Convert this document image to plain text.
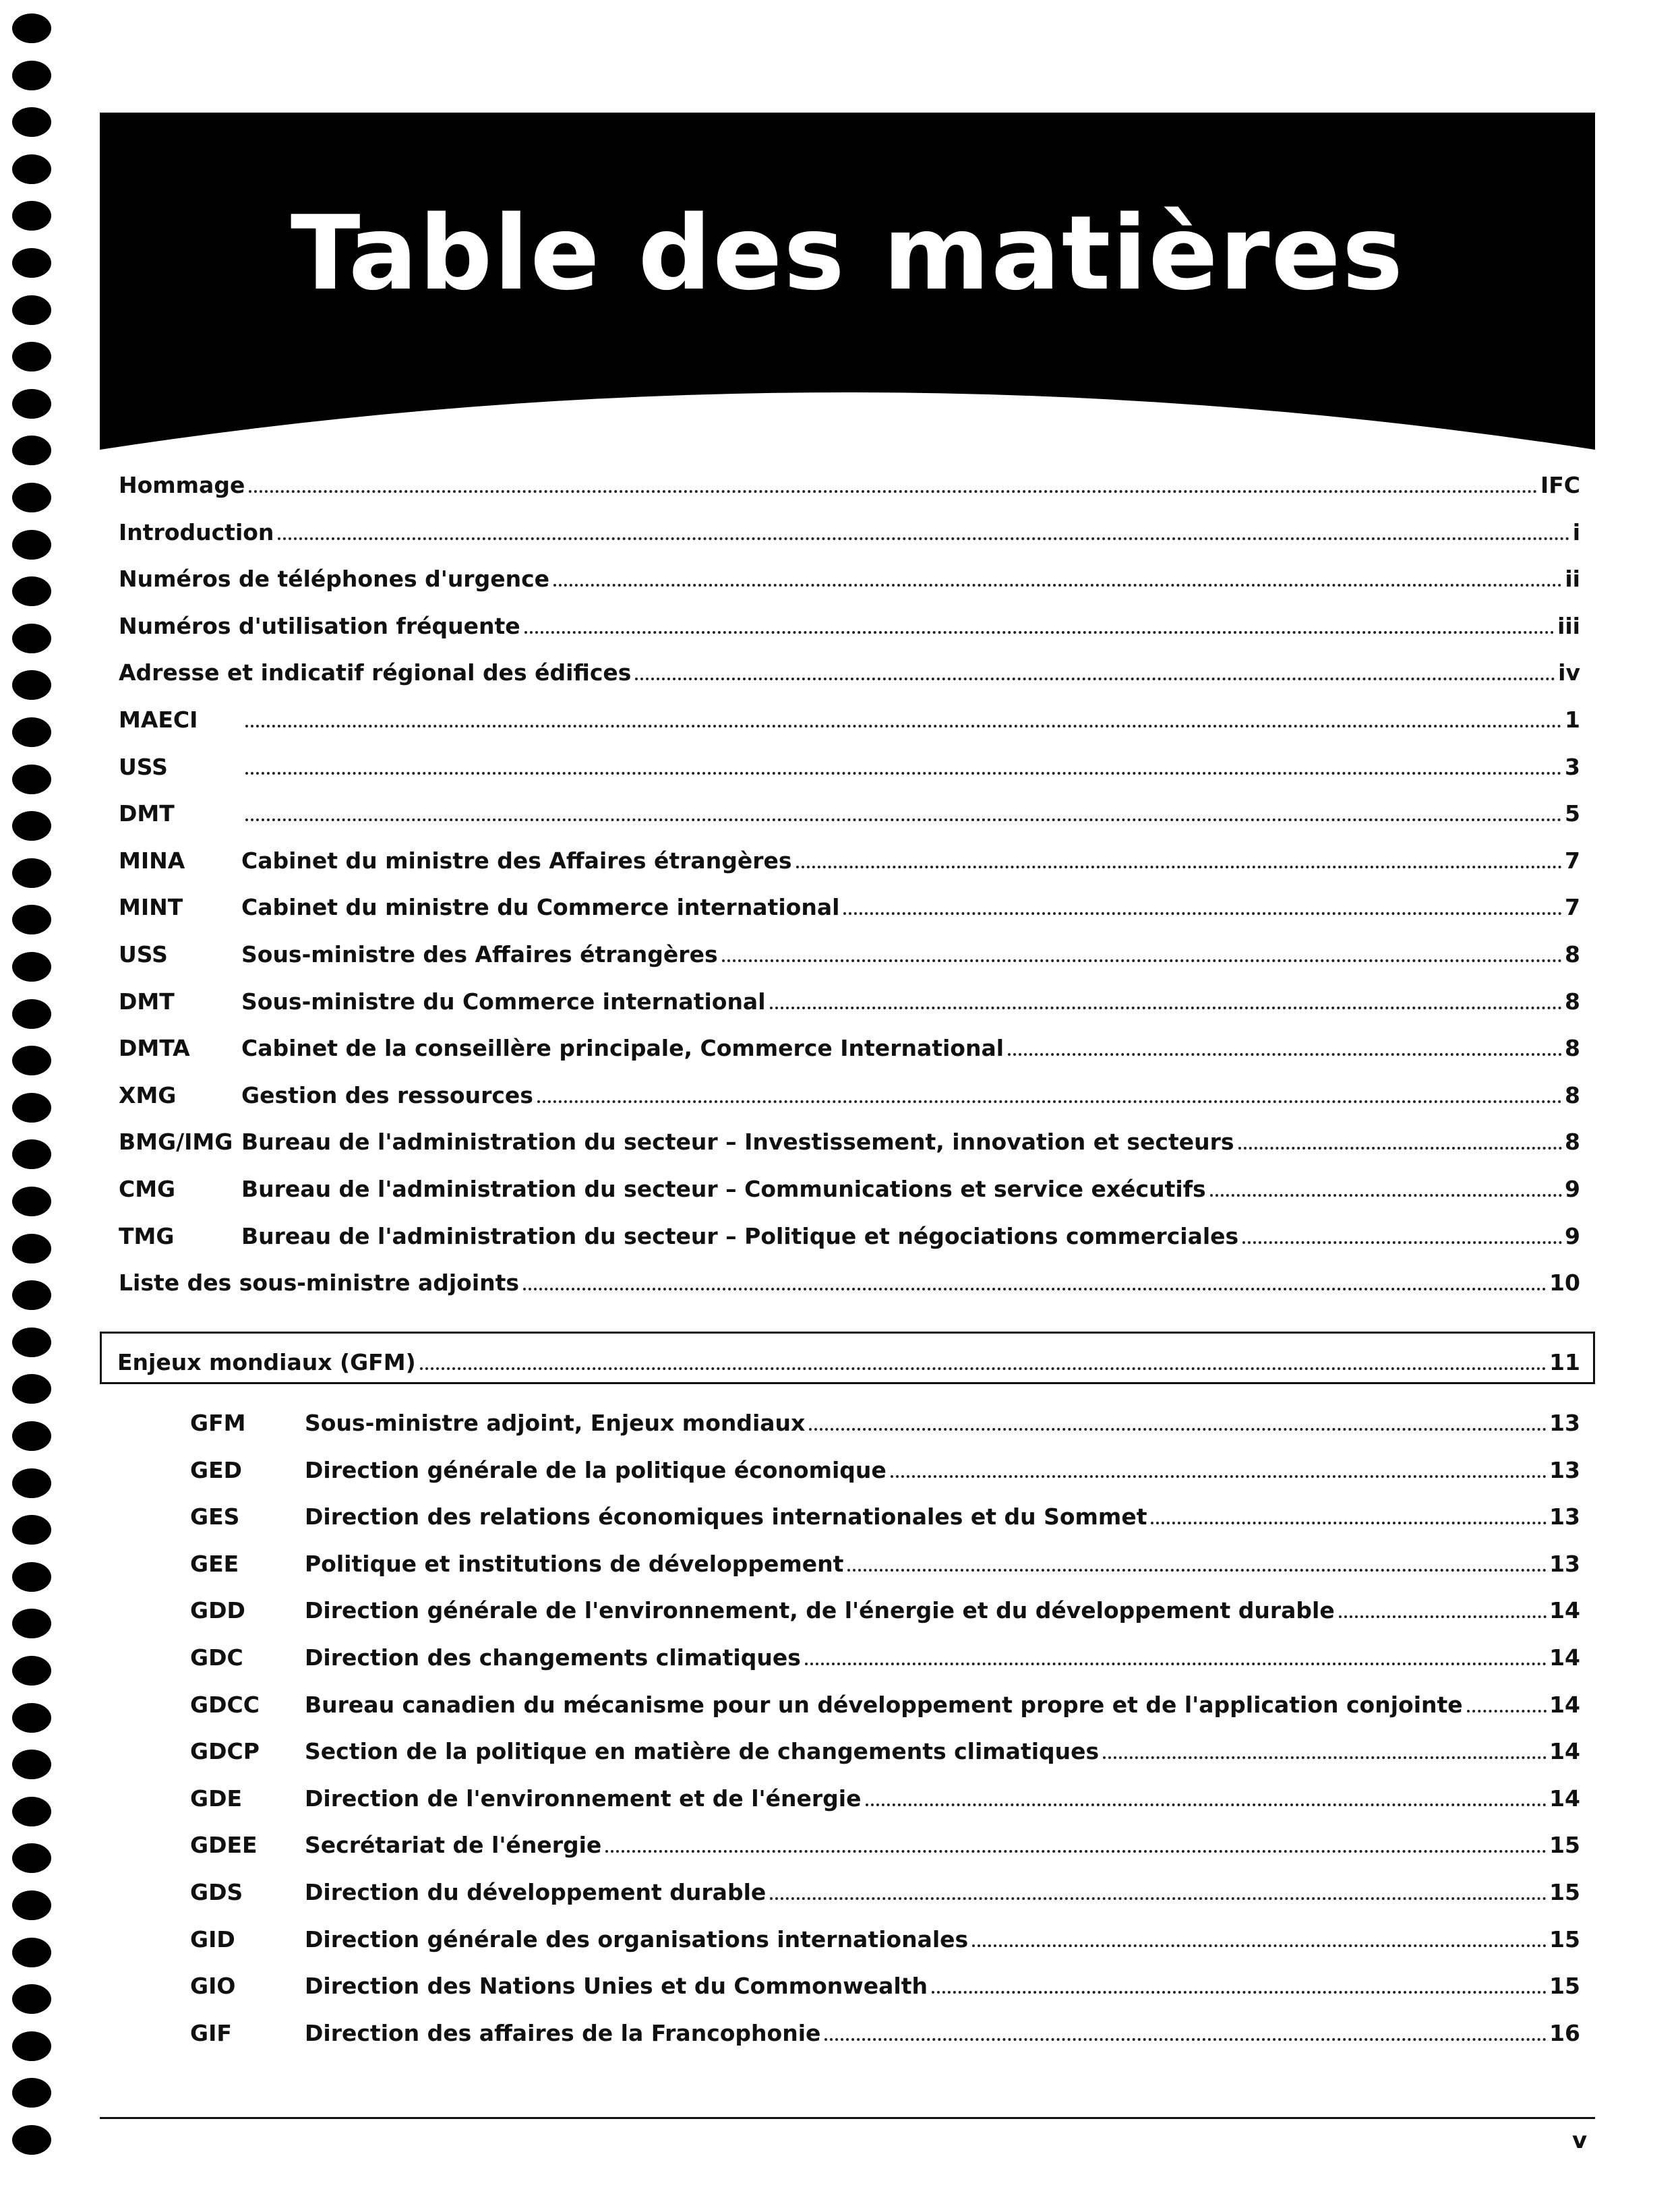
Table des matières
Hommage	IFC
Introduction	i
Numéros de téléphones d'urgence	ii
Numéros d'utilisation fréquente	iii
Adresse et indicatif régional des édifices	iv
MAECI	1
USS	3
DMT	5
MINA	Cabinet du ministre des Affaires étrangères	7
MINT	Cabinet du ministre du Commerce international	7
USS	Sous-ministre des Affaires étrangères	8
DMT	Sous-ministre du Commerce international	8
DMTA	Cabinet de la conseillère principale, Commerce International	8
XMG	Gestion des ressources	8
BMG/IMG Bureau de l'administration du secteur – Investissement, innovation et secteurs	8
CMG	Bureau de l'administration du secteur – Communications et service exécutifs	9
TMG	Bureau de l'administration du secteur – Politique et négociations commerciales	9
Liste des sous-ministre adjoints	10
Enjeux mondiaux (GFM)	11
GFM	Sous-ministre adjoint, Enjeux mondiaux	13
GED	Direction générale de la politique économique	13
GES	Direction des relations économiques internationales et du Sommet	13
GEE	Politique et institutions de développement	13
GDD	Direction générale de l'environnement, de l'énergie et du développement durable	14
GDC	Direction des changements climatiques	14
GDCC	Bureau canadien du mécanisme pour un développement propre et de l'application conjointe	14
GDCP	Section de la politique en matière de changements climatiques	14
GDE	Direction de l'environnement et de l'énergie	14
GDEE	Secrétariat de l'énergie	15
GDS	Direction du développement durable	15
GID	Direction générale des organisations internationales	15
GIO	Direction des Nations Unies et du Commonwealth	15
GIF	Direction des affaires de la Francophonie	16
v
